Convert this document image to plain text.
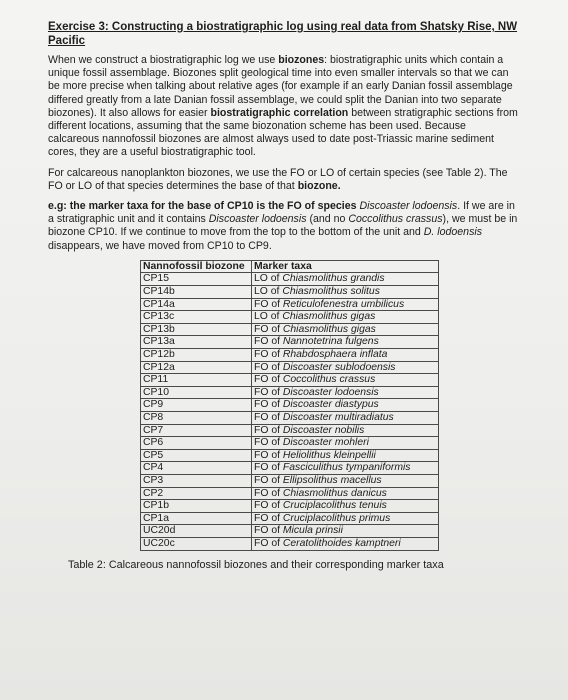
Exercise 3: Constructing a biostratigraphic log using real data from Shatsky Rise, NW Pacific

When we construct a biostratigraphic log we use biozones: biostratigraphic units which contain a unique fossil assemblage. Biozones split geological time into even smaller intervals so that we can be more precise when talking about relative ages (for example if an early Danian fossil assemblage differed greatly from a late Danian fossil assemblage, we could split the Danian into two separate biozones). It also allows for easier biostratigraphic correlation between stratigraphic sections from different locations, assuming that the same biozonation scheme has been used. Because calcareous nannofossil biozones are almost always used to date post-Triassic marine sediment cores, they are a useful biostratigraphic tool.

For calcareous nanoplankton biozones, we use the FO or LO of certain species (see Table 2). The FO or LO of that species determines the base of that biozone.

e.g: the marker taxa for the base of CP10 is the FO of species Discoaster lodoensis. If we are in a stratigraphic unit and it contains Discoaster lodoensis (and no Coccolithus crassus), we must be in biozone CP10. If we continue to move from the top to the bottom of the unit and D. lodoensis disappears, we have moved from CP10 to CP9.

Nannofossil biozone	Marker taxa
CP15	LO of Chiasmolithus grandis
CP14b	LO of Chiasmolithus solitus
CP14a	FO of Reticulofenestra umbilicus
CP13c	LO of Chiasmolithus gigas
CP13b	FO of Chiasmolithus gigas
CP13a	FO of Nannotetrina fulgens
CP12b	FO of Rhabdosphaera inflata
CP12a	FO of Discoaster sublodoensis
CP11	FO of Coccolithus crassus
CP10	FO of Discoaster lodoensis
CP9	FO of Discoaster diastypus
CP8	FO of Discoaster multiradiatus
CP7	FO of Discoaster nobilis
CP6	FO of Discoaster mohleri
CP5	FO of Heliolithus kleinpellii
CP4	FO of Fasciculithus tympaniformis
CP3	FO of Ellipsolithus macellus
CP2	FO of Chiasmolithus danicus
CP1b	FO of Cruciplacolithus tenuis
CP1a	FO of Cruciplacolithus primus
UC20d	FO of Micula prinsii
UC20c	FO of Ceratolithoides kamptneri
Table 2: Calcareous nannofossil biozones and their corresponding marker taxa
